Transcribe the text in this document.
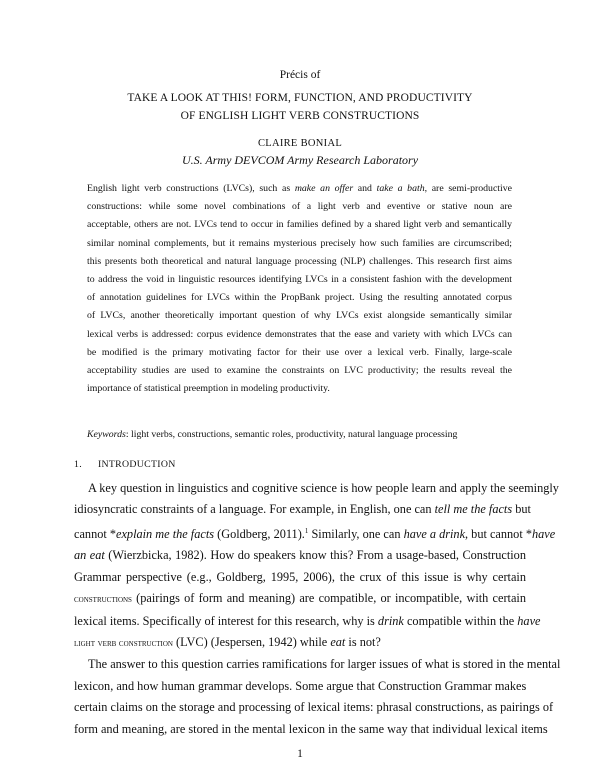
Précis of
TAKE A LOOK AT THIS! FORM, FUNCTION, AND PRODUCTIVITY
OF ENGLISH LIGHT VERB CONSTRUCTIONS
CLAIRE BONIAL
U.S. Army DEVCOM Army Research Laboratory
English light verb constructions (LVCs), such as make an offer and take a bath, are semi-productive
constructions: while some novel combinations of a light verb and eventive or stative noun are
acceptable, others are not. LVCs tend to occur in families defined by a shared light verb and semantically
similar nominal complements, but it remains mysterious precisely how such families are circumscribed;
this presents both theoretical and natural language processing (NLP) challenges. This research first aims
to address the void in linguistic resources identifying LVCs in a consistent fashion with the development
of annotation guidelines for LVCs within the PropBank project. Using the resulting annotated corpus
of LVCs, another theoretically important question of why LVCs exist alongside semantically similar
lexical verbs is addressed: corpus evidence demonstrates that the ease and variety with which LVCs can
be modified is the primary motivating factor for their use over a lexical verb. Finally, large-scale
acceptability studies are used to examine the constraints on LVC productivity; the results reveal the
importance of statistical preemption in modeling productivity.
Keywords: light verbs, constructions, semantic roles, productivity, natural language processing
1. INTRODUCTION
A key question in linguistics and cognitive science is how people learn and apply the seemingly
idiosyncratic constraints of a language. For example, in English, one can tell me the facts but
cannot *explain me the facts (Goldberg, 2011).$^1$ Similarly, one can have a drink, but cannot *have
an eat (Wierzbicka, 1982). How do speakers know this? From a usage-based, Construction
Grammar perspective (e.g., Goldberg, 1995, 2006), the crux of this issue is why certain
constructions (pairings of form and meaning) are compatible, or incompatible, with certain
lexical items. Specifically of interest for this research, why is drink compatible within the have
light verb construction (LVC) (Jespersen, 1942) while eat is not?
The answer to this question carries ramifications for larger issues of what is stored in the mental
lexicon, and how human grammar develops. Some argue that Construction Grammar makes
certain claims on the storage and processing of lexical items: phrasal constructions, as pairings of
form and meaning, are stored in the mental lexicon in the same way that individual lexical items
1
